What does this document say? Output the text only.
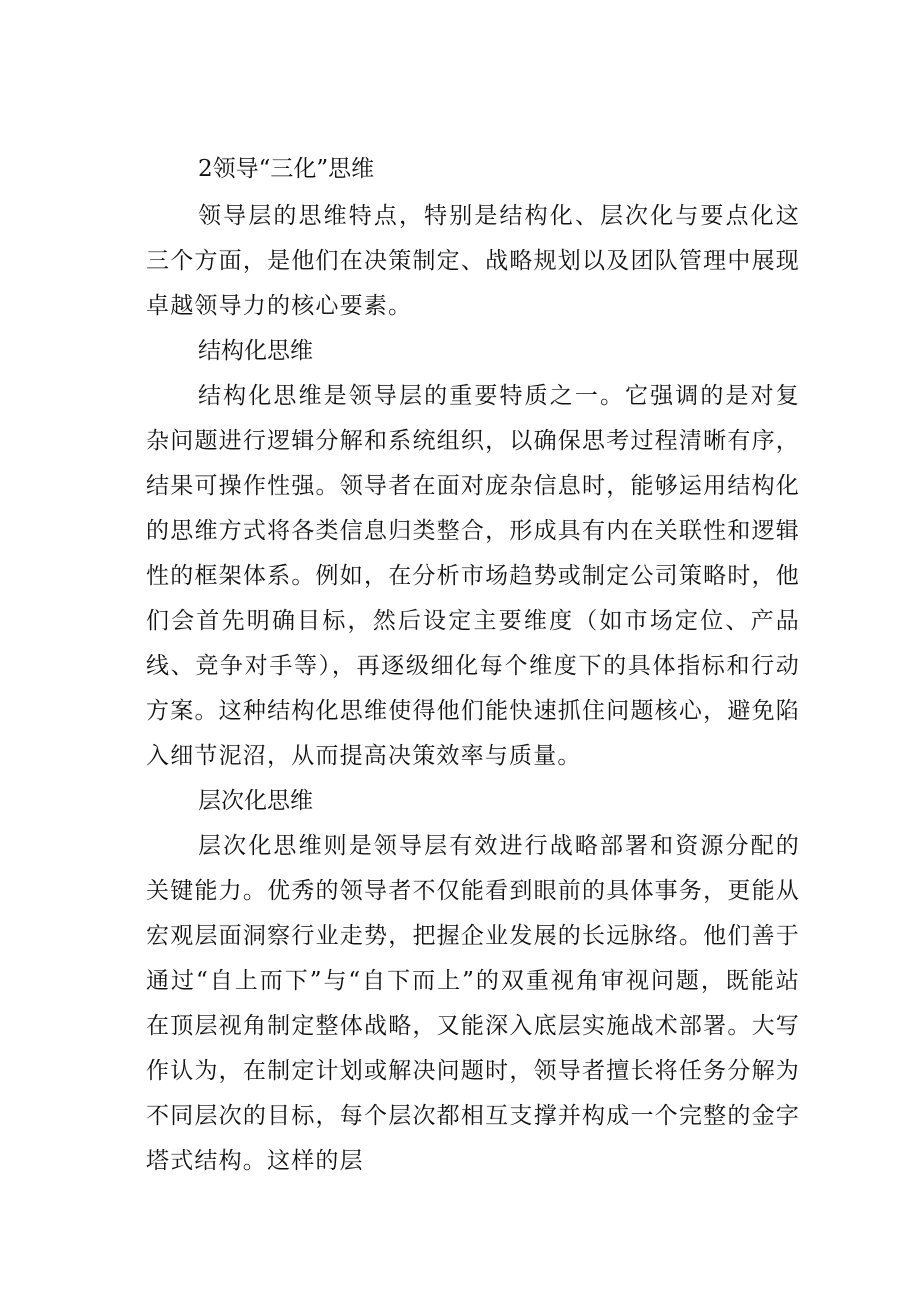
2领导“三化”思维

领导层的思维特点，特别是结构化、层次化与要点化这三个方面，是他们在决策制定、战略规划以及团队管理中展现卓越领导力的核心要素。

结构化思维

结构化思维是领导层的重要特质之一。它强调的是对复杂问题进行逻辑分解和系统组织，以确保思考过程清晰有序，结果可操作性强。领导者在面对庞杂信息时，能够运用结构化的思维方式将各类信息归类整合，形成具有内在关联性和逻辑性的框架体系。例如，在分析市场趋势或制定公司策略时，他们会首先明确目标，然后设定主要维度（如市场定位、产品线、竞争对手等），再逐级细化每个维度下的具体指标和行动方案。这种结构化思维使得他们能快速抓住问题核心，避免陷入细节泥沼，从而提高决策效率与质量。

层次化思维

层次化思维则是领导层有效进行战略部署和资源分配的关键能力。优秀的领导者不仅能看到眼前的具体事务，更能从宏观层面洞察行业走势，把握企业发展的长远脉络。他们善于通过“自上而下”与“自下而上”的双重视角审视问题，既能站在顶层视角制定整体战略，又能深入底层实施战术部署。大写作认为，在制定计划或解决问题时，领导者擅长将任务分解为不同层次的目标，每个层次都相互支撑并构成一个完整的金字塔式结构。这样的层
